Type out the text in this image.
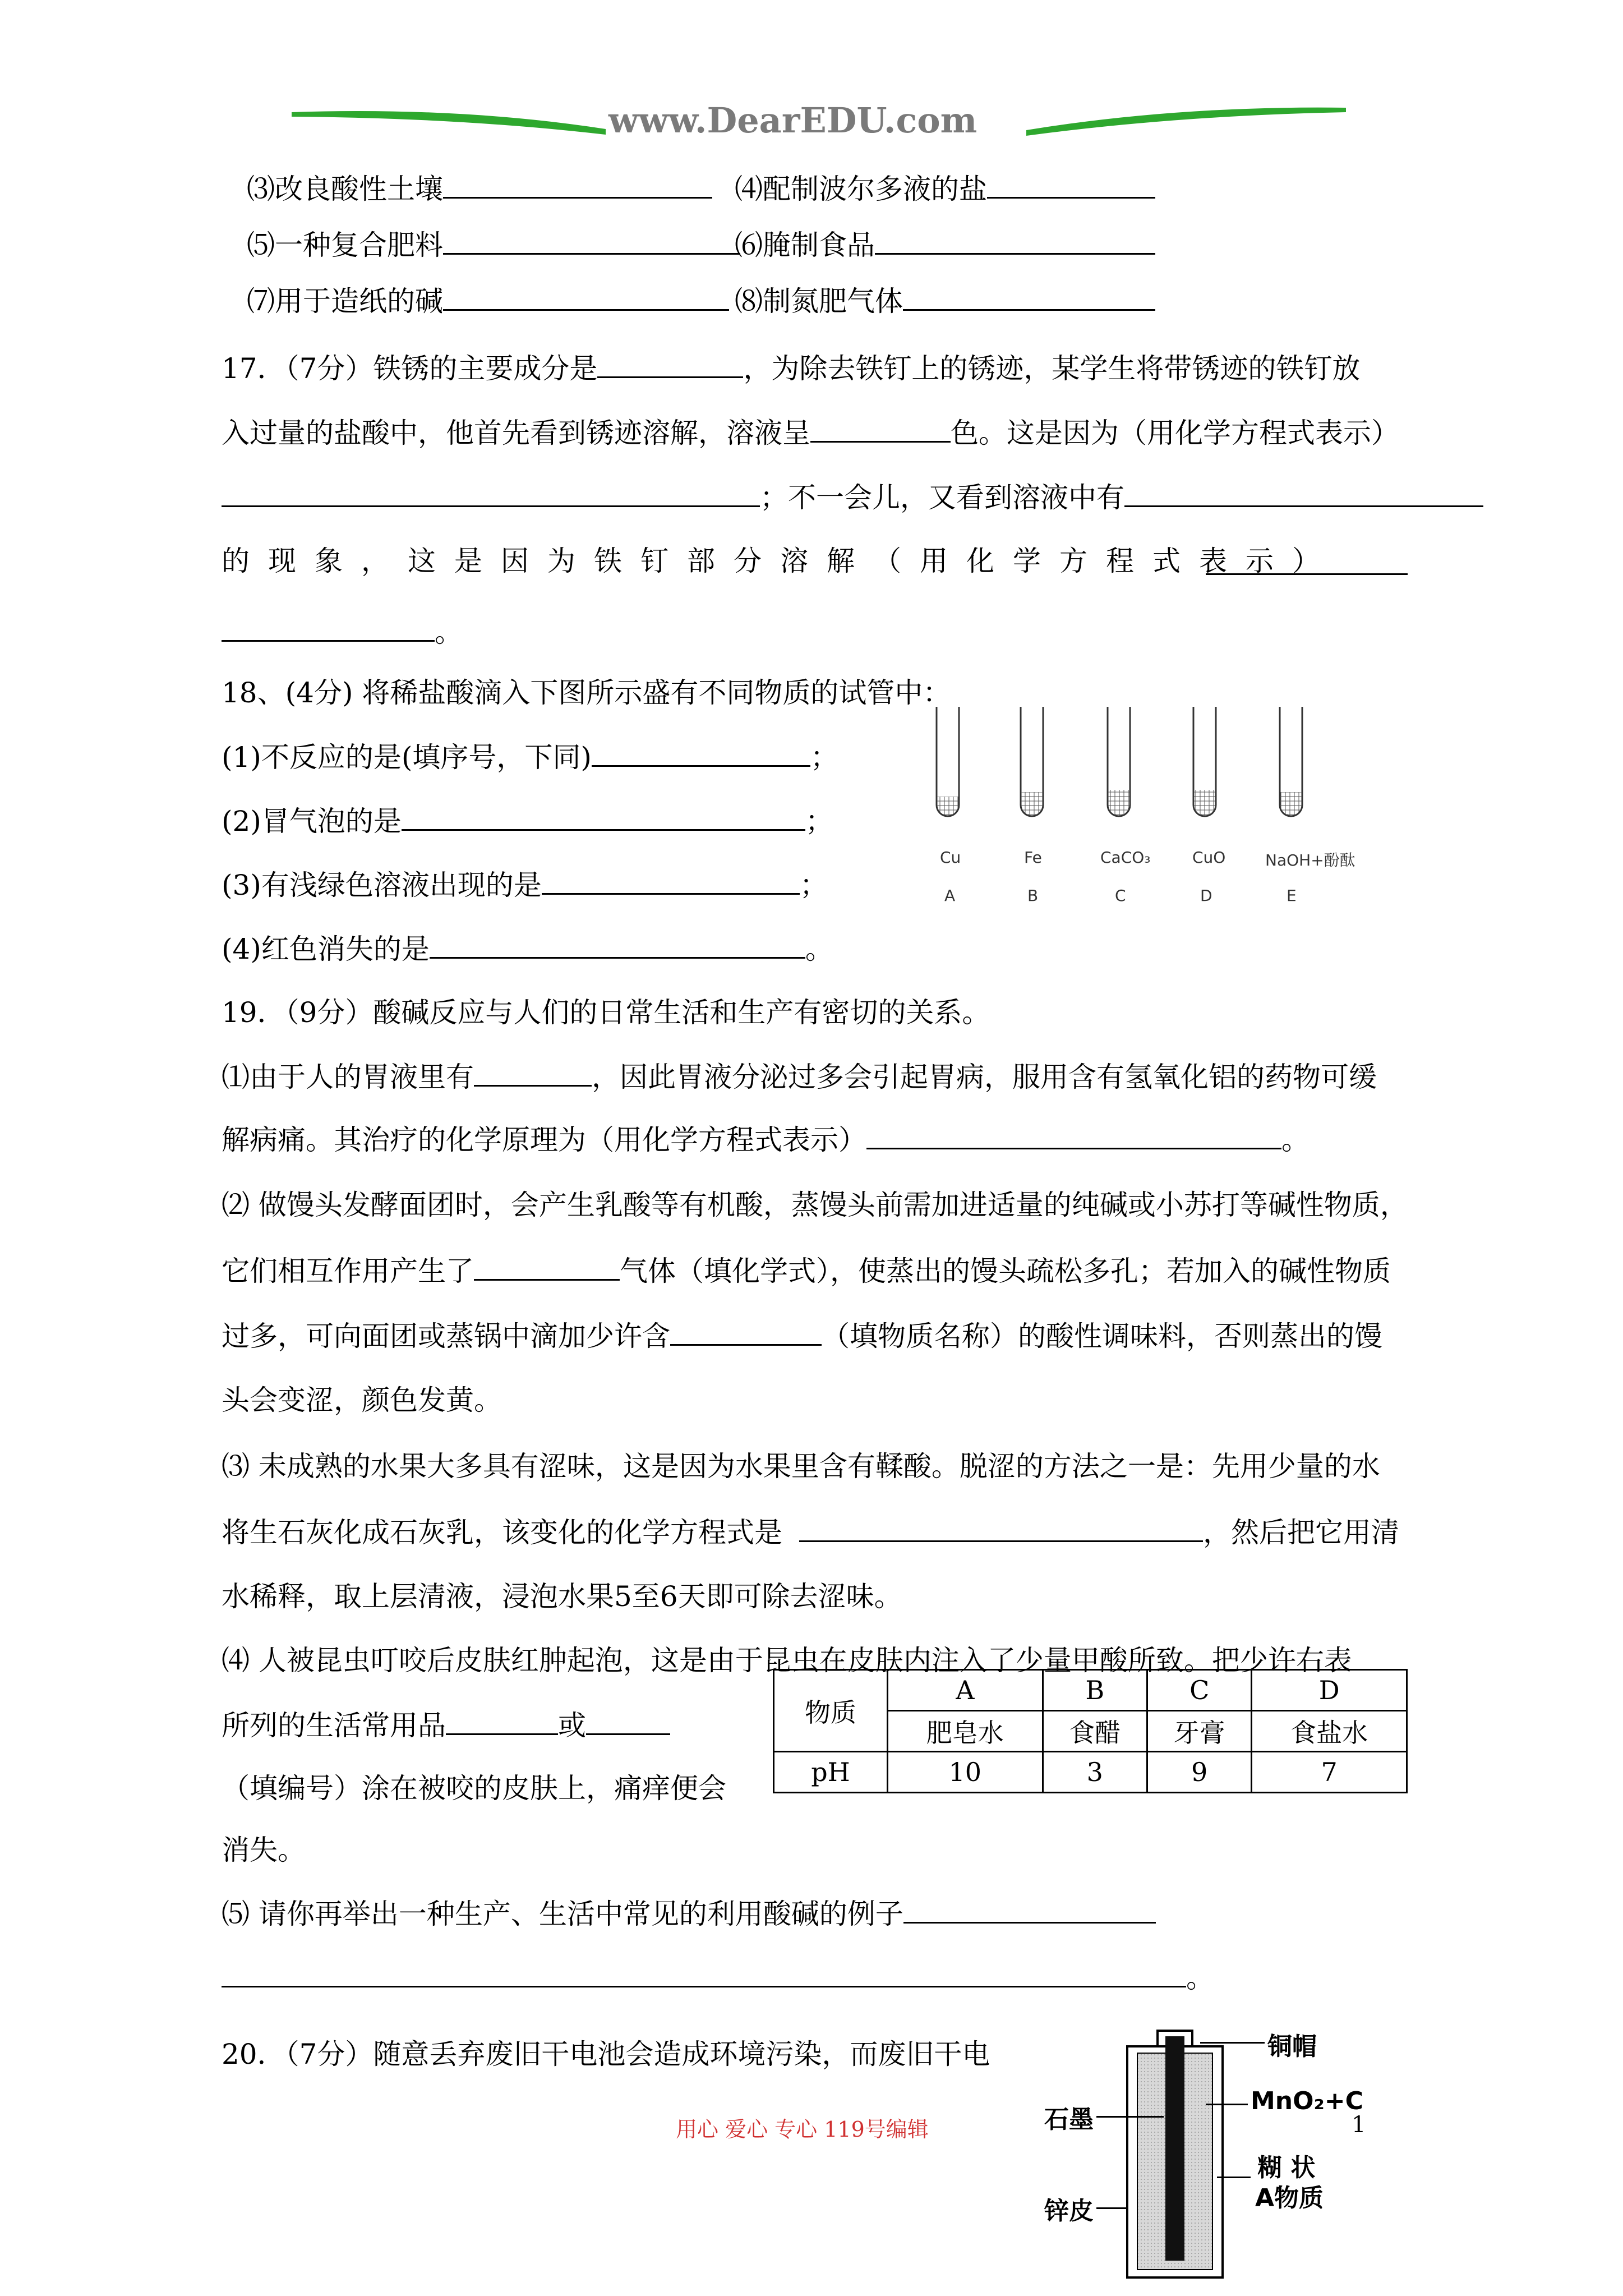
www.DearEDU.com
⑶改良酸性土壤	⑷配制波尔多液的盐
⑸一种复合肥料	⑹腌制食品
⑺用于造纸的碱	⑻制氮肥气体
17．（7分）铁锈的主要成分是	，为除去铁钉上的锈迹，某学生将带锈迹的铁钉放
入过量的盐酸中，他首先看到锈迹溶解，溶液呈	色。这是因为（用化学方程式表示）
；不一会儿，又看到溶液中有
的现象，这是因为铁钉部分溶解（用化学方程式表示）
。
18、(4分) 将稀盐酸滴入下图所示盛有不同物质的试管中：
(1)不反应的是(填序号，下同)	；
(2)冒气泡的是	；
(3)有浅绿色溶液出现的是	；
(4)红色消失的是	。
Cu	Fe	CaCO₃	CuO	NaOH+酚酞
A	B	C	D	E
19．（9分）酸碱反应与人们的日常生活和生产有密切的关系。
⑴由于人的胃液里有	，因此胃液分泌过多会引起胃病，服用含有氢氧化铝的药物可缓
解病痛。其治疗的化学原理为（用化学方程式表示）	。
⑵ 做馒头发酵面团时，会产生乳酸等有机酸，蒸馒头前需加进适量的纯碱或小苏打等碱性物质，
它们相互作用产生了	气体（填化学式），使蒸出的馒头疏松多孔；若加入的碱性物质
过多，可向面团或蒸锅中滴加少许含	（填物质名称）的酸性调味料，否则蒸出的馒
头会变涩，颜色发黄。
⑶ 未成熟的水果大多具有涩味，这是因为水果里含有鞣酸。脱涩的方法之一是：先用少量的水
将生石灰化成石灰乳，该变化的化学方程式是	，然后把它用清
水稀释，取上层清液，浸泡水果5至6天即可除去涩味。
⑷ 人被昆虫叮咬后皮肤红肿起泡，这是由于昆虫在皮肤内注入了少量甲酸所致。把少许右表
所列的生活常用品	或
（填编号）涂在被咬的皮肤上，痛痒便会
消失。
⑸ 请你再举出一种生产、生活中常见的利用酸碱的例子
。
物质	A	B	C	D
	肥皂水	食醋	牙膏	食盐水
pH	10	3	9	7
20．（7分）随意丢弃废旧干电池会造成环境污染，而废旧干电	铜帽
石墨
MnO₂+C
糊 状
A物质
锌皮
用心 爱心 专心 119号编辑	1
